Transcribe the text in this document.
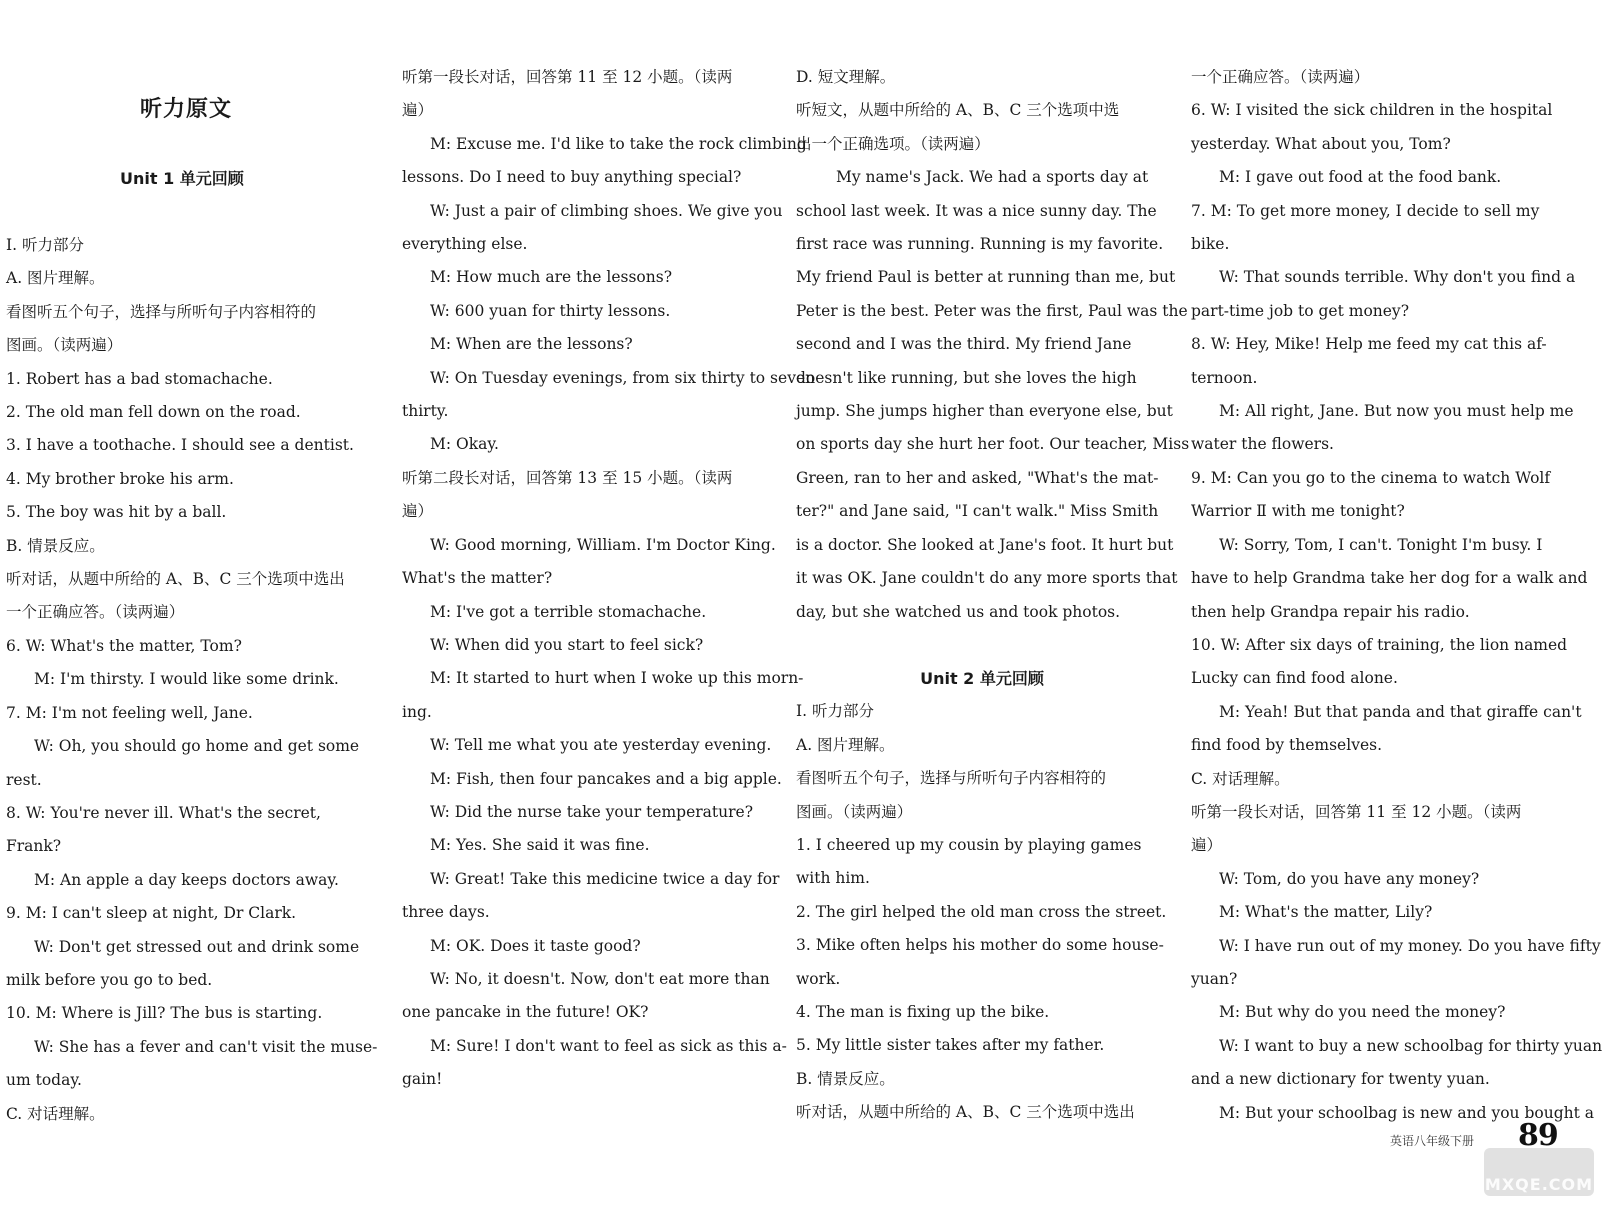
听力原文
Unit 1 单元回顾
Ⅰ. 听力部分
A. 图片理解。
看图听五个句子，选择与所听句子内容相符的
图画。（读两遍）
1. Robert has a bad stomachache.
2. The old man fell down on the road.
3. I have a toothache. I should see a dentist.
4. My brother broke his arm.
5. The boy was hit by a ball.
B. 情景反应。
听对话，从题中所给的 A、B、C 三个选项中选出
一个正确应答。（读两遍）
6. W: What's the matter, Tom?
M: I'm thirsty. I would like some drink.
7. M: I'm not feeling well, Jane.
W: Oh, you should go home and get some
rest.
8. W: You're never ill. What's the secret,
Frank?
M: An apple a day keeps doctors away.
9. M: I can't sleep at night, Dr Clark.
W: Don't get stressed out and drink some
milk before you go to bed.
10. M: Where is Jill? The bus is starting.
W: She has a fever and can't visit the muse-
um today.
C. 对话理解。
听第一段长对话，回答第 11 至 12 小题。（读两
遍）
M: Excuse me. I'd like to take the rock climbing
lessons. Do I need to buy anything special?
W: Just a pair of climbing shoes. We give you
everything else.
M: How much are the lessons?
W: 600 yuan for thirty lessons.
M: When are the lessons?
W: On Tuesday evenings, from six thirty to seven
thirty.
M: Okay.
听第二段长对话，回答第 13 至 15 小题。（读两
遍）
W: Good morning, William. I'm Doctor King.
What's the matter?
M: I've got a terrible stomachache.
W: When did you start to feel sick?
M: It started to hurt when I woke up this morn-
ing.
W: Tell me what you ate yesterday evening.
M: Fish, then four pancakes and a big apple.
W: Did the nurse take your temperature?
M: Yes. She said it was fine.
W: Great! Take this medicine twice a day for
three days.
M: OK. Does it taste good?
W: No, it doesn't. Now, don't eat more than
one pancake in the future! OK?
M: Sure! I don't want to feel as sick as this a-
gain!
D. 短文理解。
听短文，从题中所给的 A、B、C 三个选项中选
出一个正确选项。（读两遍）
My name's Jack. We had a sports day at
school last week. It was a nice sunny day. The
first race was running. Running is my favorite.
My friend Paul is better at running than me, but
Peter is the best. Peter was the first, Paul was the
second and I was the third. My friend Jane
doesn't like running, but she loves the high
jump. She jumps higher than everyone else, but
on sports day she hurt her foot. Our teacher, Miss
Green, ran to her and asked, "What's the mat-
ter?" and Jane said, "I can't walk." Miss Smith
is a doctor. She looked at Jane's foot. It hurt but
it was OK. Jane couldn't do any more sports that
day, but she watched us and took photos.
Unit 2 单元回顾
I. 听力部分
A. 图片理解。
看图听五个句子，选择与所听句子内容相符的
图画。（读两遍）
1. I cheered up my cousin by playing games
with him.
2. The girl helped the old man cross the street.
3. Mike often helps his mother do some house-
work.
4. The man is fixing up the bike.
5. My little sister takes after my father.
B. 情景反应。
听对话，从题中所给的 A、B、C 三个选项中选出
一个正确应答。（读两遍）
6. W: I visited the sick children in the hospital
yesterday. What about you, Tom?
M: I gave out food at the food bank.
7. M: To get more money, I decide to sell my
bike.
W: That sounds terrible. Why don't you find a
part-time job to get money?
8. W: Hey, Mike! Help me feed my cat this af-
ternoon.
M: All right, Jane. But now you must help me
water the flowers.
9. M: Can you go to the cinema to watch Wolf
Warrior Ⅱ with me tonight?
W: Sorry, Tom, I can't. Tonight I'm busy. I
have to help Grandma take her dog for a walk and
then help Grandpa repair his radio.
10. W: After six days of training, the lion named
Lucky can find food alone.
M: Yeah! But that panda and that giraffe can't
find food by themselves.
C. 对话理解。
听第一段长对话，回答第 11 至 12 小题。（读两
遍）
W: Tom, do you have any money?
M: What's the matter, Lily?
W: I have run out of my money. Do you have fifty
yuan?
M: But why do you need the money?
W: I want to buy a new schoolbag for thirty yuan
and a new dictionary for twenty yuan.
M: But your schoolbag is new and you bought a
英语八年级下册 89
MXQE.COM
